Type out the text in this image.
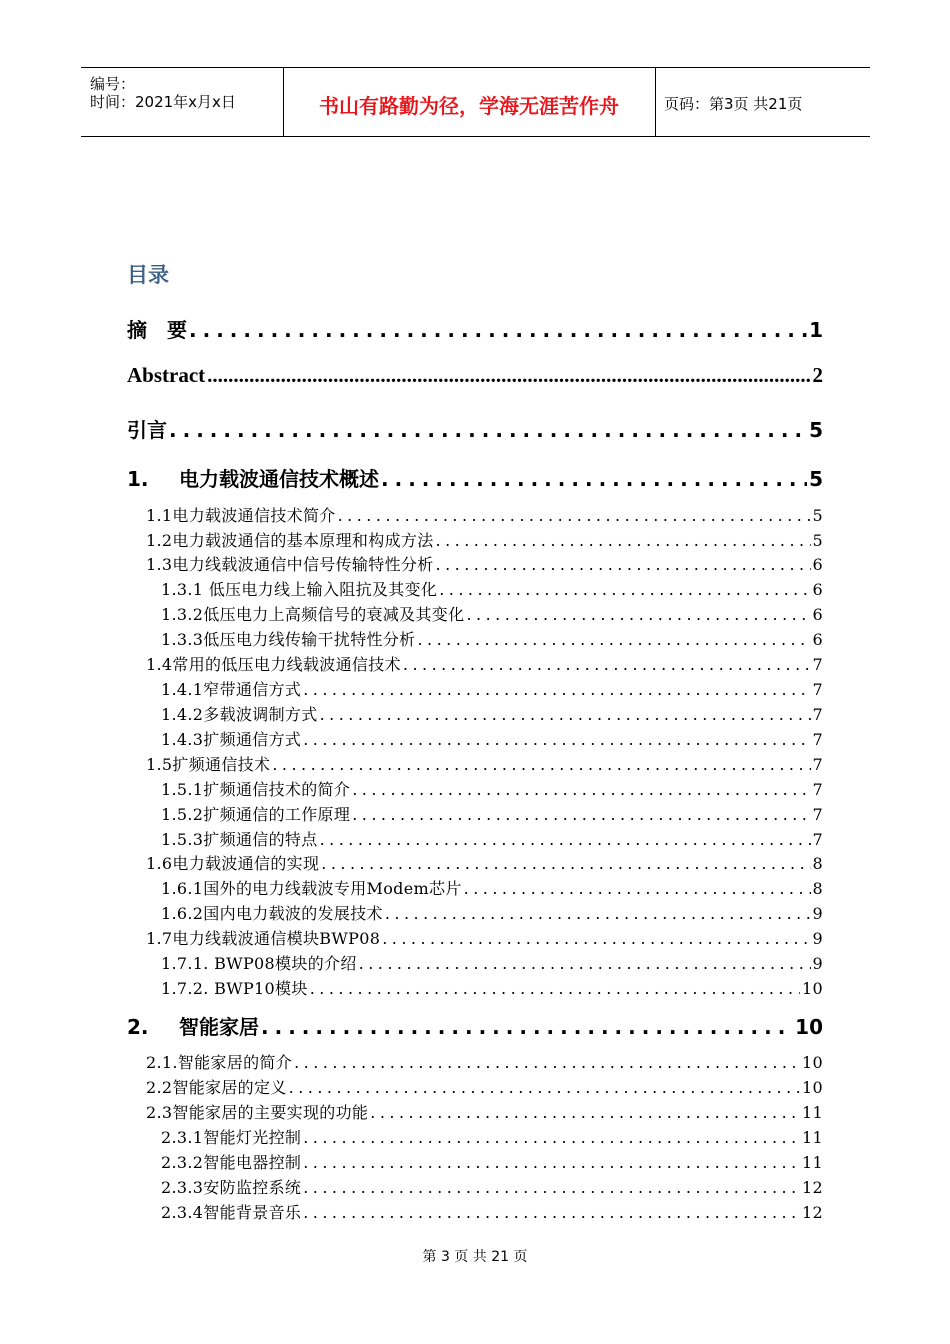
编号：
时间：2021年x月x日	书山有路勤为径，学海无涯苦作舟	页码：第3页 共21页
目录
摘　要 .....	1
Abstract .....	2
引言 .....	5
1. 电力载波通信技术概述 .....	5
1.1电力载波通信技术简介 .....	5
1.2电力载波通信的基本原理和构成方法 .....	5
1.3电力线载波通信中信号传输特性分析 .....	6
1.3.1 低压电力线上输入阻抗及其变化 .....	6
1.3.2低压电力上高频信号的衰减及其变化 .....	6
1.3.3低压电力线传输干扰特性分析 .....	6
1.4常用的低压电力线载波通信技术 .....	7
1.4.1窄带通信方式 .....	7
1.4.2多载波调制方式 .....	7
1.4.3扩频通信方式 .....	7
1.5扩频通信技术 .....	7
1.5.1扩频通信技术的简介 .....	7
1.5.2扩频通信的工作原理 .....	7
1.5.3扩频通信的特点 .....	7
1.6电力载波通信的实现 .....	8
1.6.1国外的电力线载波专用Modem芯片 .....	8
1.6.2国内电力载波的发展技术 .....	9
1.7电力线载波通信模块BWP08 .....	9
1.7.1. BWP08模块的介绍 .....	9
1.7.2. BWP10模块 .....	10
2. 智能家居 .....	10
2.1.智能家居的简介 .....	10
2.2智能家居的定义 .....	10
2.3智能家居的主要实现的功能 .....	11
2.3.1智能灯光控制 .....	11
2.3.2智能电器控制 .....	11
2.3.3安防监控系统 .....	12
2.3.4智能背景音乐 .....	12
第 3 页 共 21 页
